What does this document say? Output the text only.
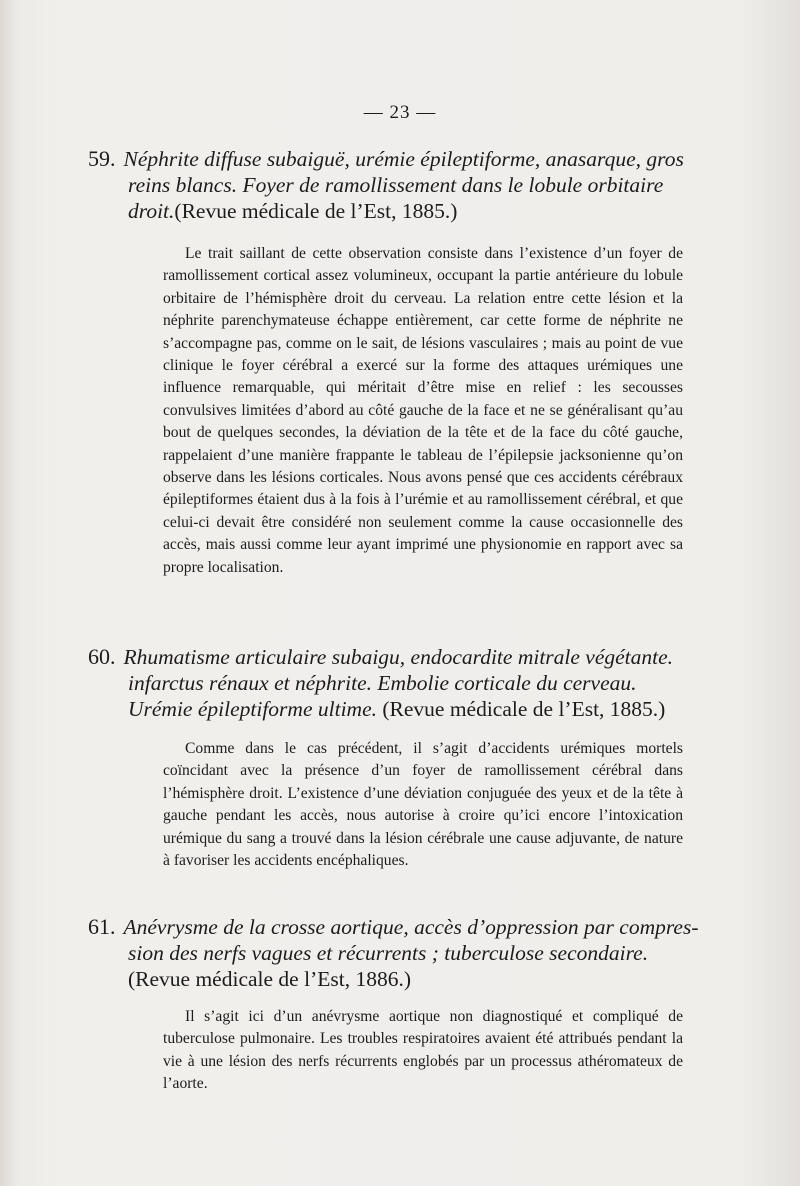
— 23 —
59. Néphrite diffuse subaiguë, urémie épileptiforme, anasarque, gros
reins blancs. Foyer de ramollissement dans le lobule orbitaire
droit.(Revue médicale de l’Est, 1885.)

Le trait saillant de cette observation consiste dans l’existence d’un foyer de ramollissement cortical assez volumineux, occupant la partie antérieure du lobule orbitaire de l’hémisphère droit du cerveau. La relation entre cette lésion et la néphrite parenchymateuse échappe entièrement, car cette forme de néphrite ne s’accompagne pas, comme on le sait, de lésions vasculaires ; mais au point de vue clinique le foyer cérébral a exercé sur la forme des attaques urémiques une influence remarquable, qui méritait d’être mise en relief : les secousses convulsives limitées d’abord au côté gauche de la face et ne se généralisant qu’au bout de quelques secondes, la déviation de la tête et de la face du côté gauche, rappelaient d’une manière frappante le tableau de l’épilepsie jacksonienne qu’on observe dans les lésions corticales. Nous avons pensé que ces accidents cérébraux épileptiformes étaient dus à la fois à l’urémie et au ramollissement cérébral, et que celui-ci devait être considéré non seulement comme la cause occasionnelle des accès, mais aussi comme leur ayant imprimé une physionomie en rapport avec sa propre localisation.

60. Rhumatisme articulaire subaigu, endocardite mitrale végétante.
infarctus rénaux et néphrite. Embolie corticale du cerveau.
Urémie épileptiforme ultime. (Revue médicale de l’Est, 1885.)

Comme dans le cas précédent, il s’agit d’accidents urémiques mortels coïncidant avec la présence d’un foyer de ramollissement cérébral dans l’hémisphère droit. L’existence d’une déviation conjuguée des yeux et de la tête à gauche pendant les accès, nous autorise à croire qu’ici encore l’intoxication urémique du sang a trouvé dans la lésion cérébrale une cause adjuvante, de nature à favoriser les accidents encéphaliques.

61. Anévrysme de la crosse aortique, accès d’oppression par compres-
sion des nerfs vagues et récurrents ; tuberculose secondaire.
(Revue médicale de l’Est, 1886.)

Il s’agit ici d’un anévrysme aortique non diagnostiqué et compliqué de tuberculose pulmonaire. Les troubles respiratoires avaient été attribués pendant la vie à une lésion des nerfs récurrents englobés par un processus athéromateux de l’aorte.
